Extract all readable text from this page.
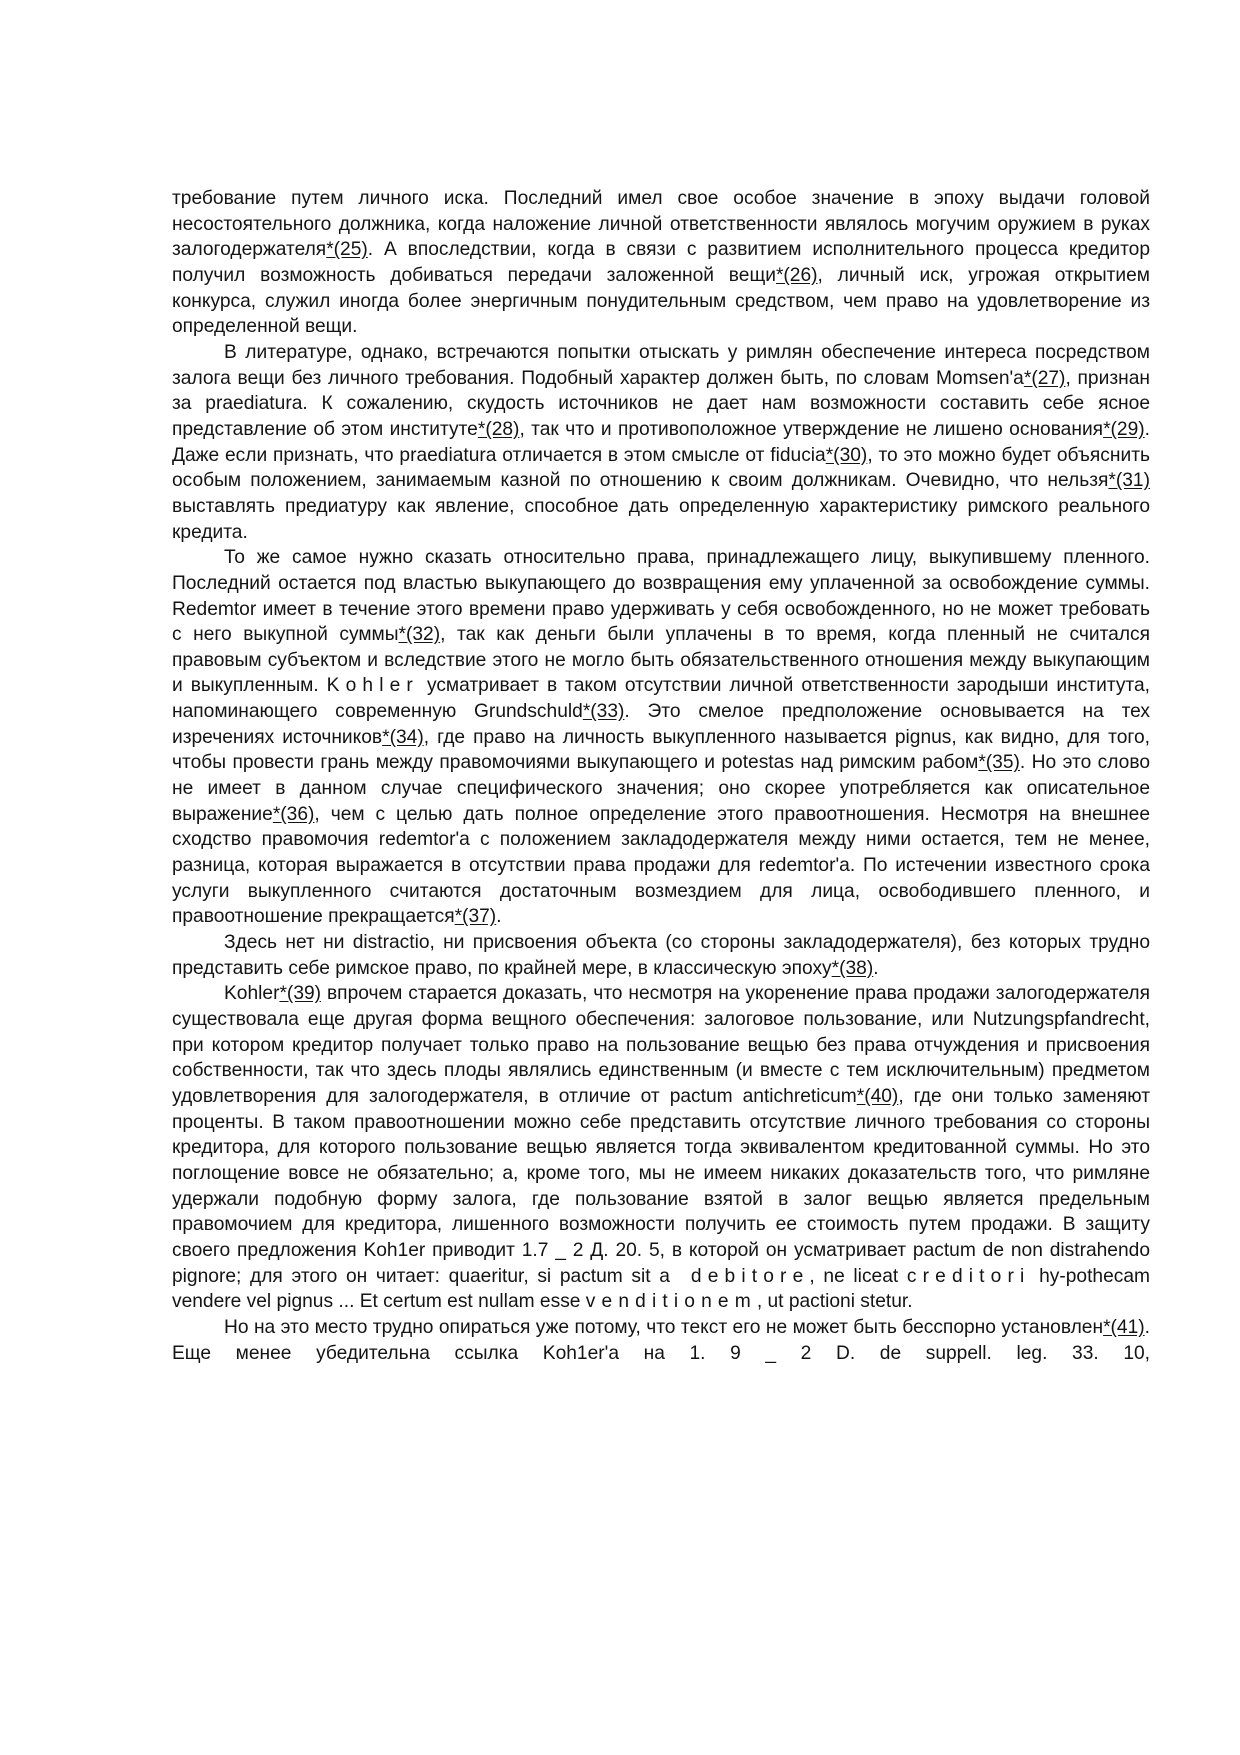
требование путем личного иска. Последний имел свое особое значение в эпоху выдачи головой несостоятельного должника, когда наложение личной ответственности являлось могучим оружием в руках залогодержателя*(25). А впоследствии, когда в связи с развитием исполнительного процесса кредитор получил возможность добиваться передачи заложенной вещи*(26), личный иск, угрожая открытием конкурса, служил иногда более энергичным понудительным средством, чем право на удовлетворение из определенной вещи.

В литературе, однако, встречаются попытки отыскать у римлян обеспечение интереса посредством залога вещи без личного требования. Подобный характер должен быть, по словам Momsen'a*(27), признан за praediatura. К сожалению, скудость источников не дает нам возможности составить себе ясное представление об этом институте*(28), так что и противоположное утверждение не лишено основания*(29). Даже если признать, что praediatura отличается в этом смысле от fiducia*(30), то это можно будет объяснить особым положением, занимаемым казной по отношению к своим должникам. Очевидно, что нельзя*(31) выставлять предиатуру как явление, способное дать определенную характеристику римского реального кредита.

То же самое нужно сказать относительно права, принадлежащего лицу, выкупившему пленного. Последний остается под властью выкупающего до возвращения ему уплаченной за освобождение суммы. Redemtor имеет в течение этого времени право удерживать у себя освобожденного, но не может требовать с него выкупной суммы*(32), так как деньги были уплачены в то время, когда пленный не считался правовым субъектом и вследствие этого не могло быть обязательственного отношения между выкупающим и выкупленным. Kohler усматривает в таком отсутствии личной ответственности зародыши института, напоминающего современную Grundschuld*(33). Это смелое предположение основывается на тех изречениях источников*(34), где право на личность выкупленного называется pignus, как видно, для того, чтобы провести грань между правомочиями выкупающего и potestas над римским рабом*(35). Но это слово не имеет в данном случае специфического значения; оно скорее употребляется как описательное выражение*(36), чем с целью дать полное определение этого правоотношения. Несмотря на внешнее сходство правомочия redemtor'a с положением закладодержателя между ними остается, тем не менее, разница, которая выражается в отсутствии права продажи для redemtor'a. По истечении известного срока услуги выкупленного считаются достаточным возмездием для лица, освободившего пленного, и правоотношение прекращается*(37).

Здесь нет ни distractio, ни присвоения объекта (со стороны закладодержателя), без которых трудно представить себе римское право, по крайней мере, в классическую эпоху*(38).

Kohler*(39) впрочем старается доказать, что несмотря на укоренение права продажи залогодержателя существовала еще другая форма вещного обеспечения: залоговое пользование, или Nutzungspfandrecht, при котором кредитор получает только право на пользование вещью без права отчуждения и присвоения собственности, так что здесь плоды являлись единственным (и вместе с тем исключительным) предметом удовлетворения для залогодержателя, в отличие от pactum antichreticum*(40), где они только заменяют проценты. В таком правоотношении можно себе представить отсутствие личного требования со стороны кредитора, для которого пользование вещью является тогда эквивалентом кредитованной суммы. Но это поглощение вовсе не обязательно; а, кроме того, мы не имеем никаких доказательств того, что римляне удержали подобную форму залога, где пользование взятой в залог вещью является предельным правомочием для кредитора, лишенного возможности получить ее стоимость путем продажи. В защиту своего предложения Koh1er приводит 1.7 _ 2 Д. 20. 5, в которой он усматривает pactum de non distrahendo pignore; для этого он читает: quaeritur, si pactum sit a debitore, ne liceat creditori hy-pothecam vendere vel pignus ... Et certum est nullam esse venditionem, ut pactioni stetur.

Но на это место трудно опираться уже потому, что текст его не может быть бесспорно установлен*(41). Еще менее убедительна ссылка Koh1er'a на 1. 9 _ 2 D. de suppell. leg. 33. 10,
